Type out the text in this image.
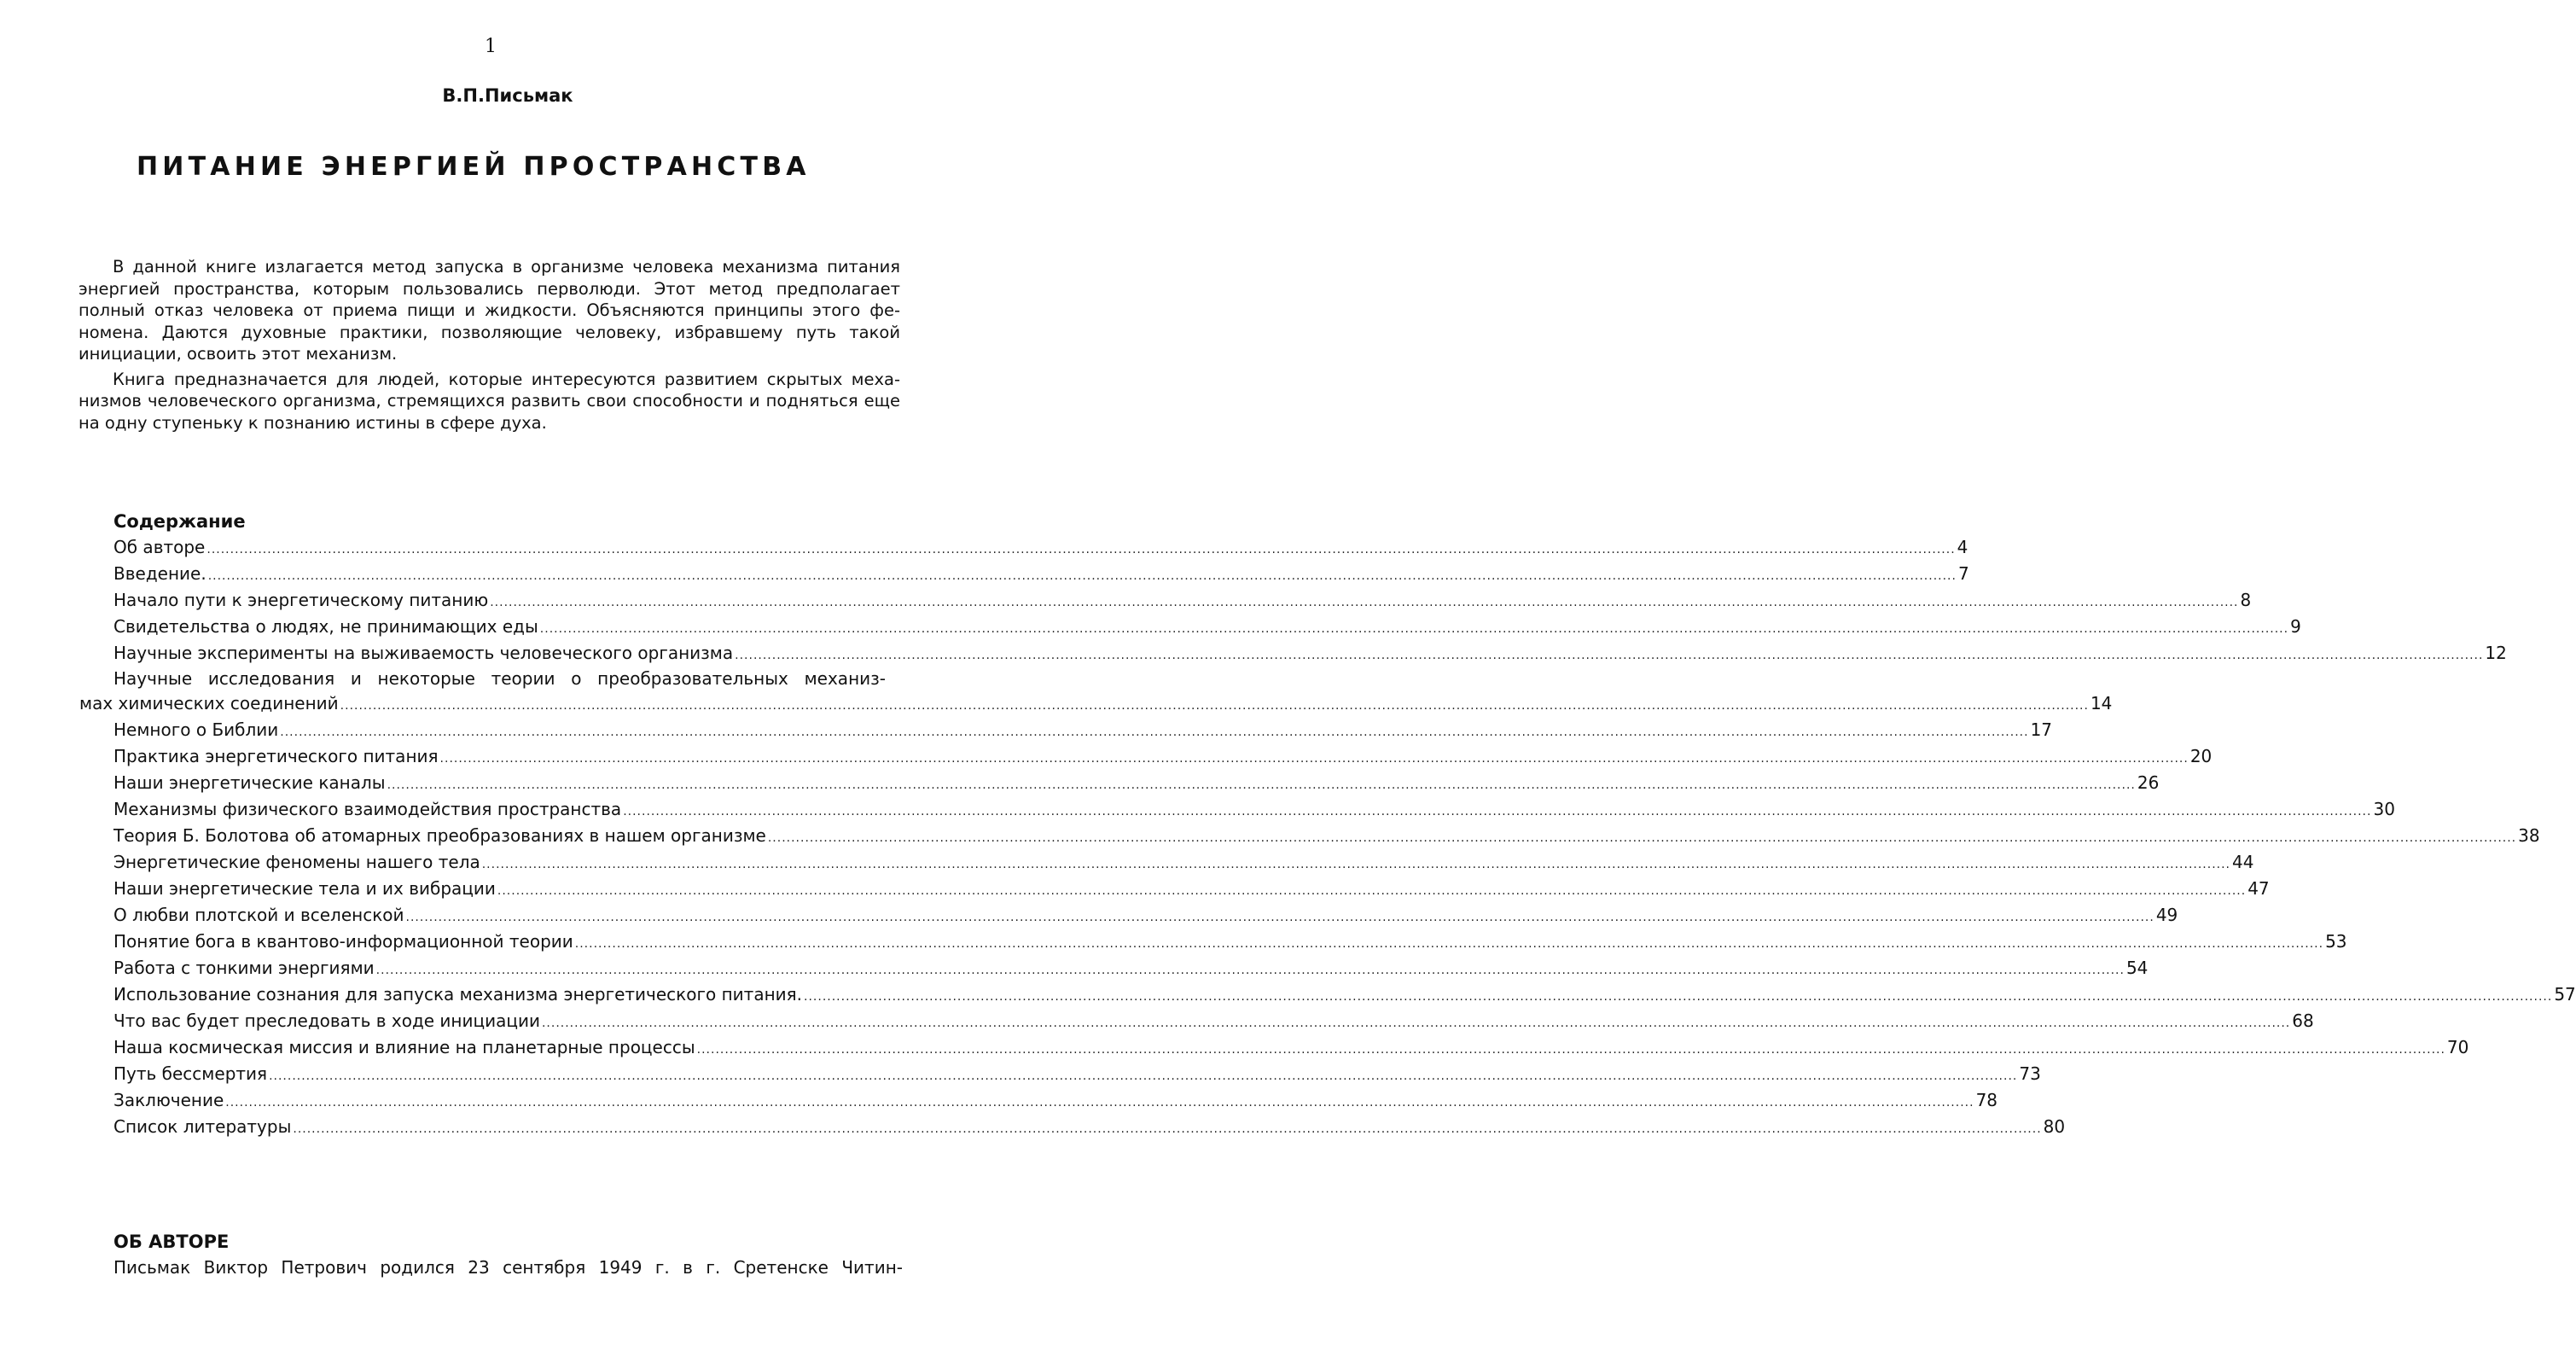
1
В.П.Письмак
ПИТАНИЕ ЭНЕРГИЕЙ ПРОСТРАНСТВА

В данной книге излагается метод запуска в организме человека механизма питания энергией пространства, которым пользовались перволюди. Этот метод предполагает полный отказ человека от приема пищи и жидкости. Объясняются принципы этого феномена. Даются духовные практики, позволяющие человеку, избравшему путь такой инициации, освоить этот механизм.

Книга предназначается для людей, которые интересуются развитием скрытых механизмов человеческого организма, стремящихся развить свои способности и подняться еще на одну ступеньку к познанию истины в сфере духа.

Содержание
Об авторе .....	4
Введение. .....	7
Начало пути к энергетическому питанию .....	8
Свидетельства о людях, не принимающих еды .....	9
Научные эксперименты на выживаемость человеческого организма .....	12
Научные исследования и некоторые теории о преобразовательных механиз-
мах химических соединений .....	14
Немного о Библии .....	17
Практика энергетического питания .....	20
Наши энергетические каналы .....	26
Механизмы физического взаимодействия пространства .....	30
Теория Б. Болотова об атомарных преобразованиях в нашем организме .....	38
Энергетические феномены нашего тела .....	44
Наши энергетические тела и их вибрации .....	47
О любви плотской и вселенской .....	49
Понятие бога в квантово-информационной теории .....	53
Работа с тонкими энергиями .....	54
Использование сознания для запуска механизма энергетического питания. .....	57
Что вас будет преследовать в ходе инициации .....	68
Наша космическая миссия и влияние на планетарные процессы .....	70
Путь бессмертия .....	73
Заключение .....	78
Список литературы .....	80
ОБ АВТОРЕ

Письмак Виктор Петрович родился 23 сентября 1949 г. в г. Сретенске Читин-
